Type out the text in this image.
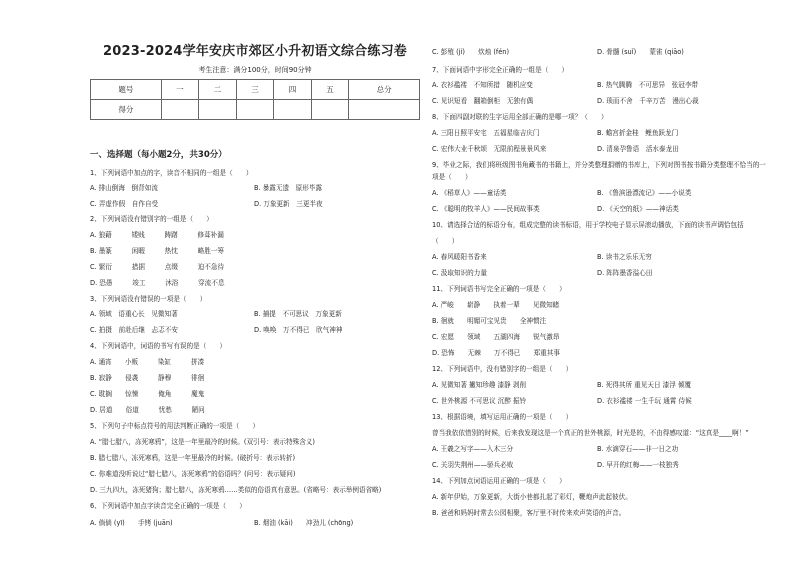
2023-2024学年安庆市郊区小升初语文综合练习卷
考生注意：满分100分，时间90分钟
题号	一	二	三	四	五	总分
得分						
一、选择题（每小题2分，共30分）
1、下列词语中加点的字，读音不相同的一组是（　　）
A. 排山倒海　倒背如流	B. 暴露无遗　原形毕露
C. 弄虚作假　自作自受	D. 万象更新　三更半夜
2、下列词语没有错别字的一组是（　　）
A. 狼藉　　　矮贱　　　踌躇　　　修葺补漏
B. 墨篆　　　闲暇　　　热忱　　　略胜一筹
C. 繁衍　　　措据　　　点缀　　　迫不急待
D. 恐愚　　　竣工　　　沐浴　　　穿流不息
3、下列词语没有错误的一项是（　　）
A. 领域　语重心长　见微知著	B. 捕提　不可思议　万象更新
C. 拍摄　前赴后继　忐忑不安	D. 唤唤　万不得已　欣气神神
4、下列词语中，词语的书写有误的是（　　）
A. 通宵　　小贩　　　染缸　　　拼凑
B. 寂静　　侵袭　　　静穆　　　徘徊
C. 耽搁　　惊悚　　　俺角　　　魔鬼
D. 居道　　俗道　　　忧愁　　　陋问
5、下列句子中标点符号的用法判断正确的一项是（　　）
A. “腊七腊八，冻死寒鸦”，这是一年里最冷的时候。(双引号：表示特殊含义)
B. 腊七腊八，冻死寒鸦，这是一年里最冷的时候。(破折号：表示转折)
C. 你难道没听说过“腊七腊八，冻死寒鸦”的俗语吗？(问号：表示疑问)
D. 三九四九，冻死猪狗；腊七腊八，冻死寒鸦……类似的俗语真有意思。(省略号：表示举例语省略)
6、下列词语中加点字读音完全正确的一项是（　　）
A. 倘倘 (yī)　　手铐 (juān)	B. 烟油 (kāi)　　冲劲儿 (chōng)
C. 彭殖 (jí)　　炊烛 (fén)	D. 骨髓 (suǐ)　　蒙雀 (qiāo)
7、下面词语中字形完全正确的一组是（　　）
A. 衣衫褴褛　不知所措　随机应变	B. 热气腾腾　不可思异　张冠李带
C. 见识短看　翻箱倒柜　无独有偶	D. 琐而不舍　千辛万苦　漫出心裁
8、下面四副对联的生字运用全部正确的是哪一项？（　　）
A. 三阳日照平安宅　五福星临吉庆门	B. 蟾宫折金桂　鲤鱼跃龙门
C. 宏伟大业千秋颂　无限前程景景风来	D. 清泉孕鲁语　活水泰龙田
9、毕业之际，我们将班级图书角藏书的书籍上，并分类整理捐赠的书库上，下列对图书按书籍分类整理不恰当的一
项是（　　）
A. 《稻草人》——童话类	B. 《鲁滨逊漂流记》——小说类
C. 《聪明的牧羊人》——民间故事类	D. 《天空的纸》——神话类
10、请选择合适的标语分布，组成完整的读书标语，用于学校电子显示屏滚动播放，下面的读书声调恰包括
（　　）
A. 春风暖阳书香来	B. 读书之乐乐无穷
C. 汲取知识的力量	D. 阵阵墨香溢心田
11、下列词语书写完全正确的一项是（　　）
A. 严峻　　崭静　　执着一辈　　见微知睹
B. 徊就　　明媚可宝见贵　　全神惯注
C. 宏愿　　领域　　五湖四海　　锐气激昂
D. 恐怖　　无棘　　万不得已　　郑重其事
12、下列词语中，没有错别字的一组是（　　）
A. 见微知著 撇知珍趣 漆静 剥削	B. 死得其所 重见天日 漆浮 倾覆
C. 世外桃源 不可思议 沉醉 振铃	D. 衣衫褴褛 一生千玩 通霄 侍候
13、根据语境，填写运用正确的一项是（　　）
曾当我依依惜别的时候，后来我发现这是一个真正的世外桃源，时光是的，不由得感叹道：“这真是____啊！”
A. 王羲之写字——入木三分	B. 水滴穿石——非一日之功
C. 关羽失荆州——骄兵必败	D. 早开的红梅——一枝独秀
14、下列加点词语运用正确的一项是（　　）
A. 新年伊始，万象更新，大街小巷都扎起了彩灯，鞭炮声此起彼伏。
B. 爸爸和妈妈时常去公园相聚，客厅里不时传来欢声笑语的声音。
